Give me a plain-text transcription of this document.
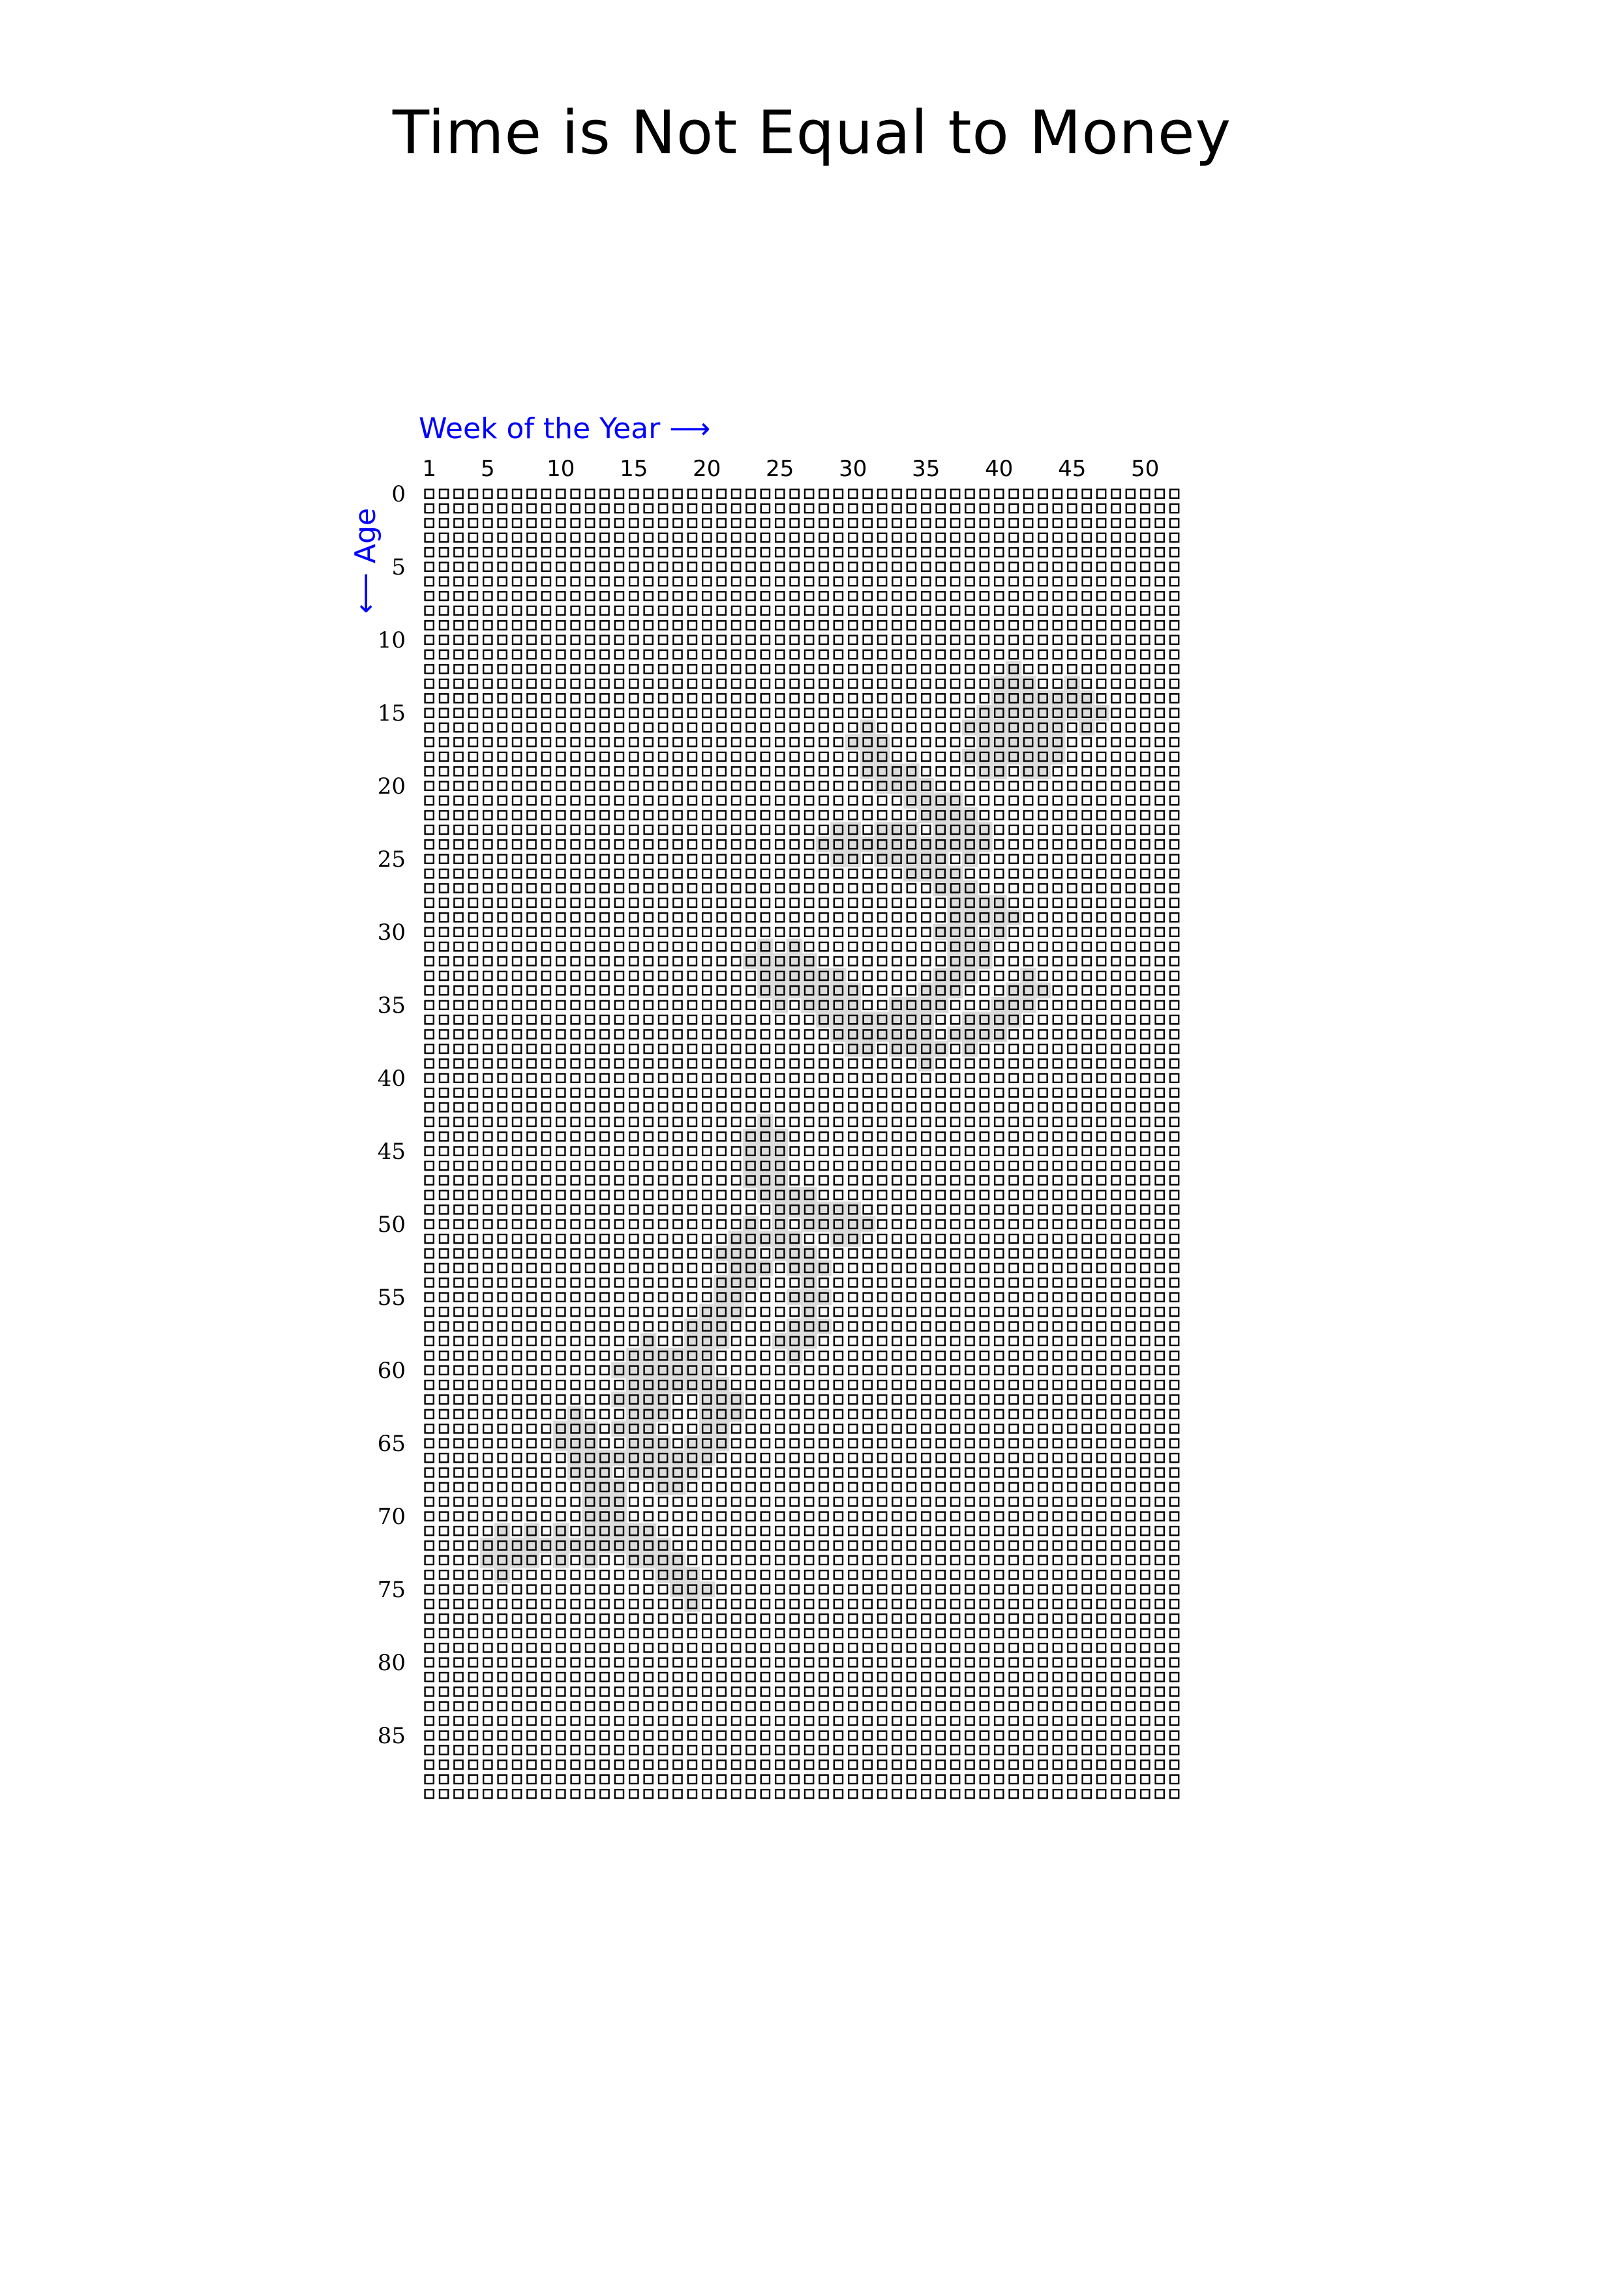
Time is Not Equal to Money
1 5 10 15 20 25 30 35 40 45 50
0
5
10
15
20
25
30
35
40
45
50
55
60
65
70
75
80
85
Week of the Year ⟶
⟵ Age
